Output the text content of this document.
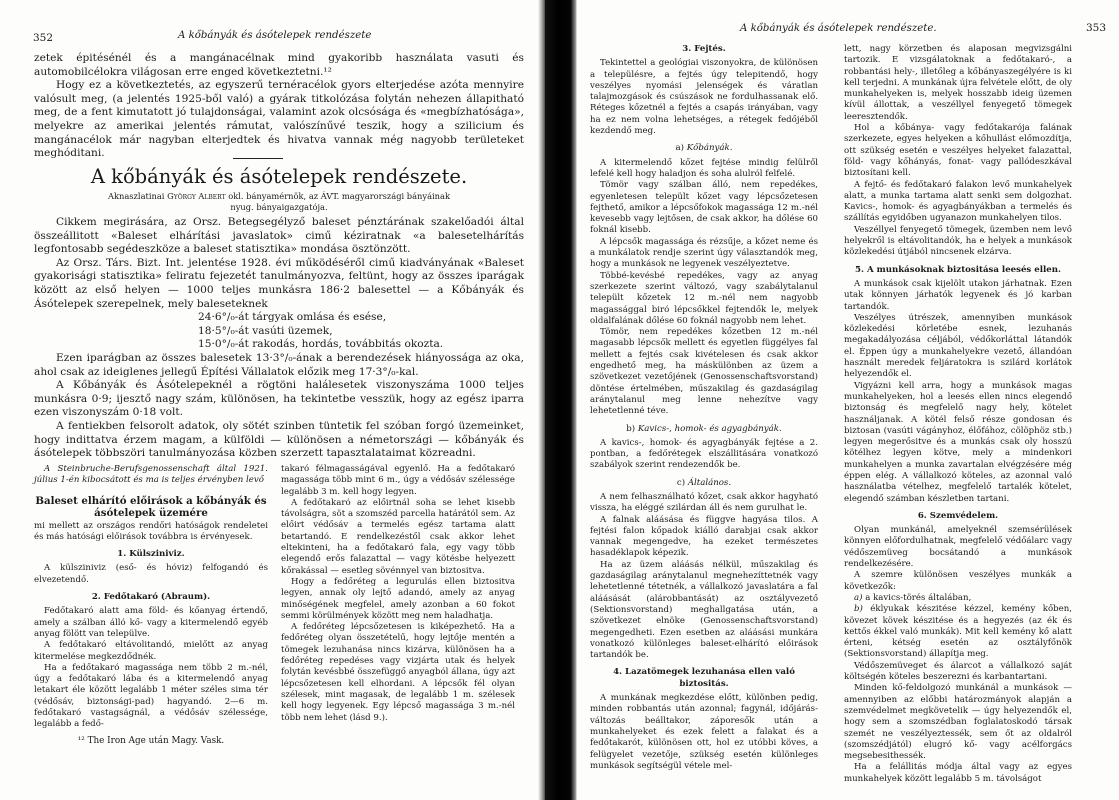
352	A kőbányák és ásótelepek rendészete

zetek épitésénél és a mangánacélnak mind gyakoribb használata vasuti és automobilcélokra világosan erre enged következtetni.¹²

Hogy ez a következtetés, az egyszerű ternéracélok gyors elterjedése azóta mennyire valósult meg, (a jelentés 1925-ből való) a gyárak titkolózása folytán nehezen állapitható meg, de a fent kimutatott jó tulajdonságai, valamint azok olcsósága és «megbízhatósága», melyekre az amerikai jelentés rámutat, valószínűvé teszik, hogy a szilicium és mangánacélok már nagyban elterjedtek és hivatva vannak még nagyobb területeket meghóditani.

A kőbányák és ásótelepek rendészete.
Aknaszlatinai György Albert okl. bányamérnök, az ÁVT. magyarországi bányáinak
nyug. bányaigazgatója.

Cikkem megirására, az Orsz. Betegsegélyző baleset pénztárának szakelőadói által összeállitott «Baleset elhárítási javaslatok» cimű kéziratnak «a balesetelhárítás legfontosabb segédeszköze a baleset statisztika» mondása ösztönzött.

Az Orsz. Társ. Bizt. Int. jelentése 1928. évi működéséről cimű kiadványának «Baleset gyakorisági statisztika» feliratu fejezetét tanulmányozva, feltünt, hogy az összes iparágak között az első helyen — 1000 teljes munkásra 186·2 balesettel — a Kőbányák és Ásótelepek szerepelnek, mely baleseteknek

24·6°/₀-át tárgyak omlása és esése,

18·5°/₀-át vasúti üzemek,

15·0°/₀-át rakodás, hordás, továbbitás okozta.

Ezen iparágban az összes balesetek 13·3°/₀-ának a berendezések hiányossága az oka, ahol csak az ideiglenes jellegű Építési Vállalatok előzik meg 17·3°/₀-kal.

A Kőbányák és Ásótelepeknél a rögtöni halálesetek viszonyszáma 1000 teljes munkásra 0·9; ijesztő nagy szám, különösen, ha tekintetbe vesszük, hogy az egész iparra ezen viszonyszám 0·18 volt.

A fentiekben felsorolt adatok, oly sötét szinben tüntetik fel szóban forgó üzemeinket, hogy indittatva érzem magam, a külföldi — különösen a németországi — kőbányák és ásótelepek többszöri tanulmányozása közben szerzett tapasztalataimat közreadni.

A Steinbruche-Berufsgenossenschaft által 1921. július 1-én kibocsátott és ma is teljes érvényben levő

Baleset elhárító előirások a kőbányák és ásótelepek üzemére

mi mellett az országos rendőri hatóságok rendeletei és más hatósági előirások továbbra is érvényesek.

1. Külsziniviz.

A külsziniviz (eső- és hóviz) felfogandó és elvezetendő.

2. Fedőtakaró (Abraum).

Fedőtakaró alatt ama föld- és kőanyag értendő, amely a szálban álló kő- vagy a kitermelendő egyéb anyag fölött van települve.

A fedőtakaró eltávolitandó, mielőtt az anyag kitermelése megkezdődnék.

Ha a fedőtakaró magassága nem több 2 m.-nél, úgy a fedőtakaró lába és a kitermelendő anyag letakart éle között legalább 1 méter széles sima tér (védősáv, biztonsági-pad) hagyandó. 2—6 m. fedőtakaró vastagságnál, a védősáv szélessége, legalább a fedő-

¹² The Iron Age után Magy. Vask.

takaró félmagasságával egyenlő. Ha a fedőtakaró magassága több mint 6 m., úgy a védősáv szélessége legalább 3 m. kell hogy legyen.

A fedőtakaró az előirtnál soha se lehet kisebb távolságra, söt a szomszéd parcella határától sem. Az előirt védősáv a termelés egész tartama alatt betartandó. E rendelkezéstől csak akkor lehet eltekinteni, ha a fedőtakaró fala, egy vagy több elegendő erős falazattal — vagy kötésbe helyezett kőrakással — esetleg sövénnyel van biztositva.

Hogy a fedőréteg a legurulás ellen biztositva legyen, annak oly lejtő adandó, amely az anyag minőségének megfelel, amely azonban a 60 fokot semmi körülmények között meg nem haladhatja.

A fedőréteg lépcsőzetesen is kiképezhető. Ha a fedőréteg olyan összetételű, hogy lejtője mentén a tömegek lezuhanása nincs kizárva, különösen ha a fedőréteg repedéses vagy vizjárta utak és helyek folytán kevésbbé összefüggő anyagból állana, úgy azt lépcsőzetesen kell elhordani. A lépcsők fél olyan szélesek, mint magasak, de legalább 1 m. szélesek kell hogy legyenek. Egy lépcső magassága 3 m.-nél több nem lehet (lásd 9.).

A kőbányák és ásótelepek rendészete.	353

3. Fejtés.

Tekintettel a geológiai viszonyokra, de különösen a településre, a fejtés úgy telepitendő, hogy veszélyes nyomási jelenségek és váratlan talajmozgások és csúszások ne fordulhassanak elő. Réteges kőzetnél a fejtés a csapás irányában, vagy ha ez nem volna lehetséges, a rétegek fedőjéből kezdendő meg.

a) Kőbányák.

A kitermelendő kőzet fejtése mindig felülről lefelé kell hogy haladjon és soha alulról felfelé.

Tömör vagy szálban álló, nem repedékes, egyenletesen települt kőzet vagy lépcsőzetesen fejthető, amikor a lépcsőfokok magassága 12 m.-nél kevesebb vagy lejtősen, de csak akkor, ha dőlése 60 foknál kisebb.

A lépcsők magassága és rézsűje, a kőzet neme és a munkálatok rendje szerint úgy választandók meg, hogy a munkások ne legyenek veszélyeztetve.

Többé-kevésbé repedékes, vagy az anyag szerkezete szerint változó, vagy szabálytalanul települt kőzetek 12 m.-nél nem nagyobb magassággal biró lépcsőkkel fejtendők le, melyek oldalfalának dőlése 60 foknál nagyobb nem lehet.

Tömör, nem repedékes kőzetben 12 m.-nél magasabb lépcsők mellett és egyetlen függélyes fal mellett a fejtés csak kivételesen és csak akkor engedhető meg, ha máskülönben az üzem a szövetkezet vezetőjének (Genossenschaftsvorstand) döntése értelmében, műszakilag és gazdaságilag aránytalanul meg lenne nehezítve vagy lehetetlenné téve.

b) Kavics-, homok- és agyagbányák.

A kavics-, homok- és agyagbányák fejtése a 2. pontban, a fedőrétegek elszállitására vonatkozó szabályok szerint rendezendők be.

c) Általános.

A nem felhasználható kőzet, csak akkor hagyható vissza, ha eléggé szilárdan áll és nem gurulhat le.

A falnak aláásása és függve hagyása tilos. A fejtési falon kőpadok kiálló darabjai csak akkor vannak megengedve, ha ezeket természetes hasadéklapok képezik.

Ha az üzem aláásás nélkül, műszakilag és gazdaságilag aránytalanul megnehezíttetnék vagy lehetetlenné tétetnék, a vállalkozó javaslatára a fal aláásását (alárobbantását) az osztályvezető (Sektionsvorstand) meghallgatása után, a szövetkezet elnöke (Genossenschaftsvorstand) megengedheti. Ezen esetben az aláásási munkára vonatkozó különleges baleset-elhárító előirások tartandók be.

4. Lazatömegek lezuhanása ellen való biztositás.

A munkának megkezdése előtt, különben pedig, minden robbantás után azonnal; fagynál, időjárás-változás beálltakor, záporesők után a munkahelyeket és ezek felett a falakat és a fedőtakarót, különösen ott, hol ez utóbbi köves, a felügyelet vezetője, szükség esetén különleges munkások segítségül vétele mel-

lett, nagy körzetben és alaposan megvizsgálni tartozik. E vizsgálatoknak a fedőtakaró-, a robbantási hely-, illetőleg a kőbányaszegélyére is ki kell terjedni. A munkának újra felvétele előtt, de oly munkahelyeken is, melyek hosszabb ideig üzemen kívül állottak, a veszéllyel fenyegető tömegek leeresztendők.

Hol a kőbánya- vagy fedőtakarója falának szerkezete, egyes helyeken a kőhullást előmozdítja, ott szükség esetén e veszélyes helyeket falazattal, föld- vagy kőhányás, fonat- vagy pallódeszkával biztosítani kell.

A fejtő- és fedőtakaró falakon levő munkahelyek alatt, a munka tartama alatt senki sem dolgozhat. Kavics-, homok- és agyagbányákban a termelés és szállítás egyidőben ugyanazon munkahelyen tilos.

Veszéllyel fenyegető tömegek, üzemben nem levő helyekről is eltávolitandók, ha e helyek a munkások közlekedési útjából nincsenek elzárva.

5. A munkásoknak biztositása leesés ellen.

A munkások csak kijelölt utakon járhatnak. Ezen utak könnyen járhatók legyenek és jó karban tartandók.

Veszélyes útrészek, amennyiben munkások közlekedési körletébe esnek, lezuhanás megakadályozása céljából, védőkorláttal látandók el. Éppen úgy a munkahelyekre vezető, állandóan használt meredek feljáratokra is szilárd korlátok helyezendők el.

Vigyázni kell arra, hogy a munkások magas munkahelyeken, hol a leesés ellen nincs elegendő biztonság és megfelelő nagy hely, kötelet használjanak. A kötél felső része gondosan és biztosan (vasúti vágányhoz, élőfához, cölöphöz stb.) legyen megerősitve és a munkás csak oly hosszú kötélhez legyen kötve, mely a mindenkori munkahelyen a munka zavartalan elvégzésére még éppen elég. A vállalkozó köteles, az azonnal való használatba vételhez, megfelelő tartalék kötelet, elegendő számban készletben tartani.

6. Szemvédelem.

Olyan munkánál, amelyeknél szemsérülések könnyen előfordulhatnak, megfelelő védőálarc vagy védőszemüveg bocsátandó a munkások rendelkezésére.

A szemre különösen veszélyes munkák a következők:

a) a kavics-törés általában,

b) éklyukak készitése kézzel, kemény kőben, kövezet kövek készitése és a hegyezés (az ék és kettős ékkel való munkák). Mit kell kemény kő alatt érteni, kétség esetén az osztályfőnök (Sektionsvorstand) állapítja meg.

Védőszemüveget és álarcot a vállalkozó saját költségén köteles beszerezni és karbantartani.

Minden kő-feldolgozó munkánál a munkások — amennyiben az előbbi határozmányok alapján a szemvédelmet megkövetelik — úgy helyezendők el, hogy sem a szomszédban foglalatoskodó társak szemét ne veszélyeztessék, sem őt az oldalról (szomszédjától) elugró kő- vagy acélforgács megsebesithessék.

Ha a felállitás módja által vagy az egyes munkahelyek között legalább 5 m. távolságot
